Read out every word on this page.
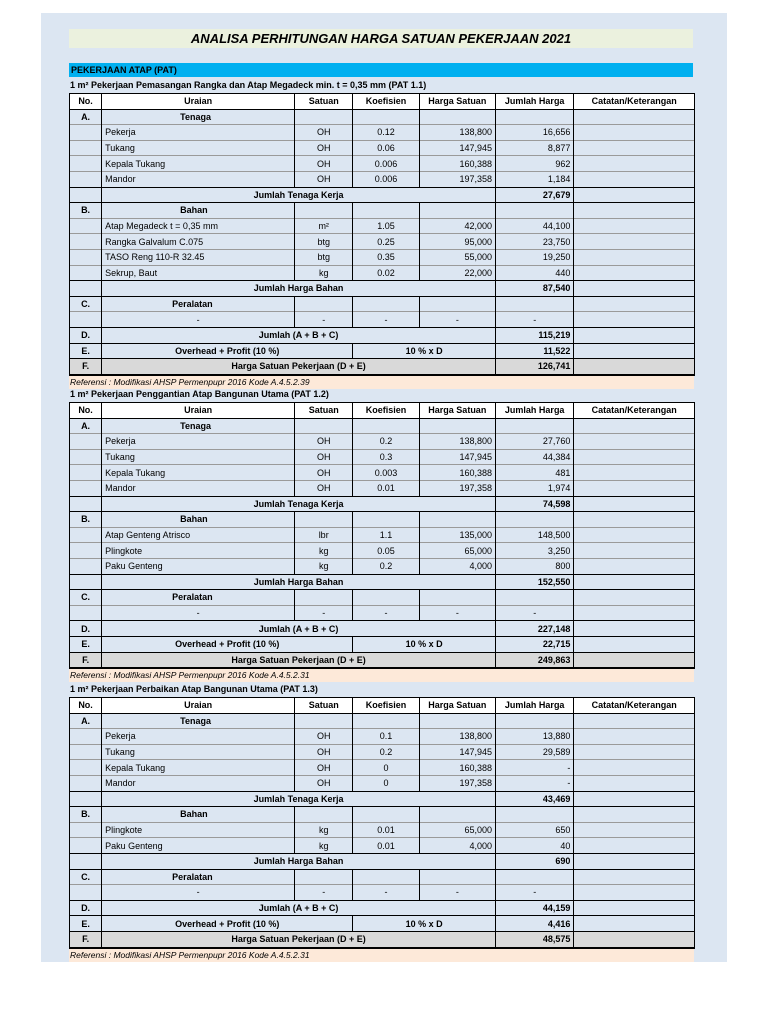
ANALISA PERHITUNGAN HARGA SATUAN PEKERJAAN 2021
PEKERJAAN ATAP (PAT)
1 m² Pekerjaan Pemasangan Rangka dan Atap Megadeck min. t = 0,35 mm (PAT 1.1)
No.	Uraian	Satuan	Koefisien	Harga Satuan	Jumlah Harga	Catatan/Keterangan
A.	Tenaga					
	Pekerja	OH	0.12	138,800	16,656	
	Tukang	OH	0.06	147,945	8,877	
	Kepala Tukang	OH	0.006	160,388	962	
	Mandor	OH	0.006	197,358	1,184	
	Jumlah Tenaga Kerja				27,679	
B.	Bahan					
	Atap Megadeck t = 0,35 mm	m²	1.05	42,000	44,100	
	Rangka Galvalum C.075	btg	0.25	95,000	23,750	
	TASO Reng 110-R 32.45	btg	0.35	55,000	19,250	
	Sekrup, Baut	kg	0.02	22,000	440	
	Jumlah Harga Bahan				87,540	
C.	Peralatan					
	-	-	-	-	-	
D.	Jumlah (A + B + C)				115,219	
E.	Overhead + Profit (10 %)		10 % x D		11,522	
F.	Harga Satuan Pekerjaan (D + E)				126,741	
Referensi : Modifikasi AHSP Permenpupr 2016 Kode A.4.5.2.39
1 m² Pekerjaan Penggantian Atap Bangunan Utama (PAT 1.2)
No.	Uraian	Satuan	Koefisien	Harga Satuan	Jumlah Harga	Catatan/Keterangan
A.	Tenaga					
	Pekerja	OH	0.2	138,800	27,760	
	Tukang	OH	0.3	147,945	44,384	
	Kepala Tukang	OH	0.003	160,388	481	
	Mandor	OH	0.01	197,358	1,974	
	Jumlah Tenaga Kerja				74,598	
B.	Bahan					
	Atap Genteng Atrisco	lbr	1.1	135,000	148,500	
	Plingkote	kg	0.05	65,000	3,250	
	Paku Genteng	kg	0.2	4,000	800	
	Jumlah Harga Bahan				152,550	
C.	Peralatan					
	-	-	-	-	-	
D.	Jumlah (A + B + C)				227,148	
E.	Overhead + Profit (10 %)		10 % x D		22,715	
F.	Harga Satuan Pekerjaan (D + E)				249,863	
Referensi : Modifikasi AHSP Permenpupr 2016 Kode A.4.5.2.31
1 m² Pekerjaan Perbaikan Atap Bangunan Utama (PAT 1.3)
No.	Uraian	Satuan	Koefisien	Harga Satuan	Jumlah Harga	Catatan/Keterangan
A.	Tenaga					
	Pekerja	OH	0.1	138,800	13,880	
	Tukang	OH	0.2	147,945	29,589	
	Kepala Tukang	OH	0	160,388	-	
	Mandor	OH	0	197,358	-	
	Jumlah Tenaga Kerja				43,469	
B.	Bahan					
	Plingkote	kg	0.01	65,000	650	
	Paku Genteng	kg	0.01	4,000	40	
	Jumlah Harga Bahan				690	
C.	Peralatan					
	-	-	-	-	-	
D.	Jumlah (A + B + C)				44,159	
E.	Overhead + Profit (10 %)		10 % x D		4,416	
F.	Harga Satuan Pekerjaan (D + E)				48,575	
Referensi : Modifikasi AHSP Permenpupr 2016 Kode A.4.5.2.31
